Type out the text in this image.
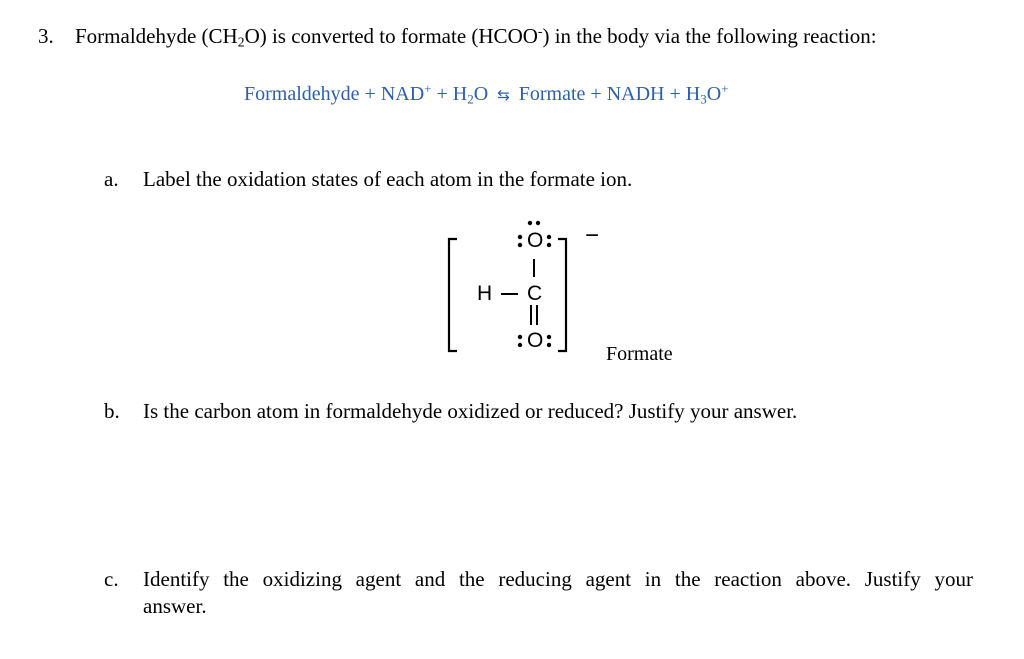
3. Formaldehyde $(CH_2O)$ is converted to formate (HCOO-) in the body via the following reaction:
Formaldehyde + $NAD^+ + H_2O$ ⇆ Formate + NADH + $H_3O^+$
a. Label the oxidation states of each atom in the formate ion.
O
H C
O
−
Formate
b. Is the carbon atom in formaldehyde oxidized or reduced? Justify your answer.
c. Identify the oxidizing agent and the reducing agent in the reaction above. Justify your
answer.
